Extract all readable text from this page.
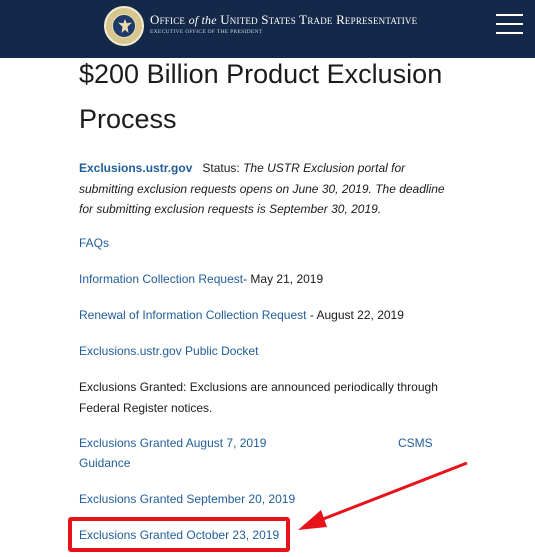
Office of the United States Trade Representative
EXECUTIVE OFFICE OF THE PRESIDENT
$200 Billion Product Exclusion Process
Exclusions.ustr.gov Status: The USTR Exclusion portal for submitting exclusion requests opens on June 30, 2019. The deadline for submitting exclusion requests is September 30, 2019.
FAQs
Information Collection Request- May 21, 2019
Renewal of Information Collection Request - August 22, 2019
Exclusions.ustr.gov Public Docket
Exclusions Granted: Exclusions are announced periodically through Federal Register notices.
Exclusions Granted August 7, 2019	CSMS
Guidance
Exclusions Granted September 20, 2019
Exclusions Granted October 23, 2019
